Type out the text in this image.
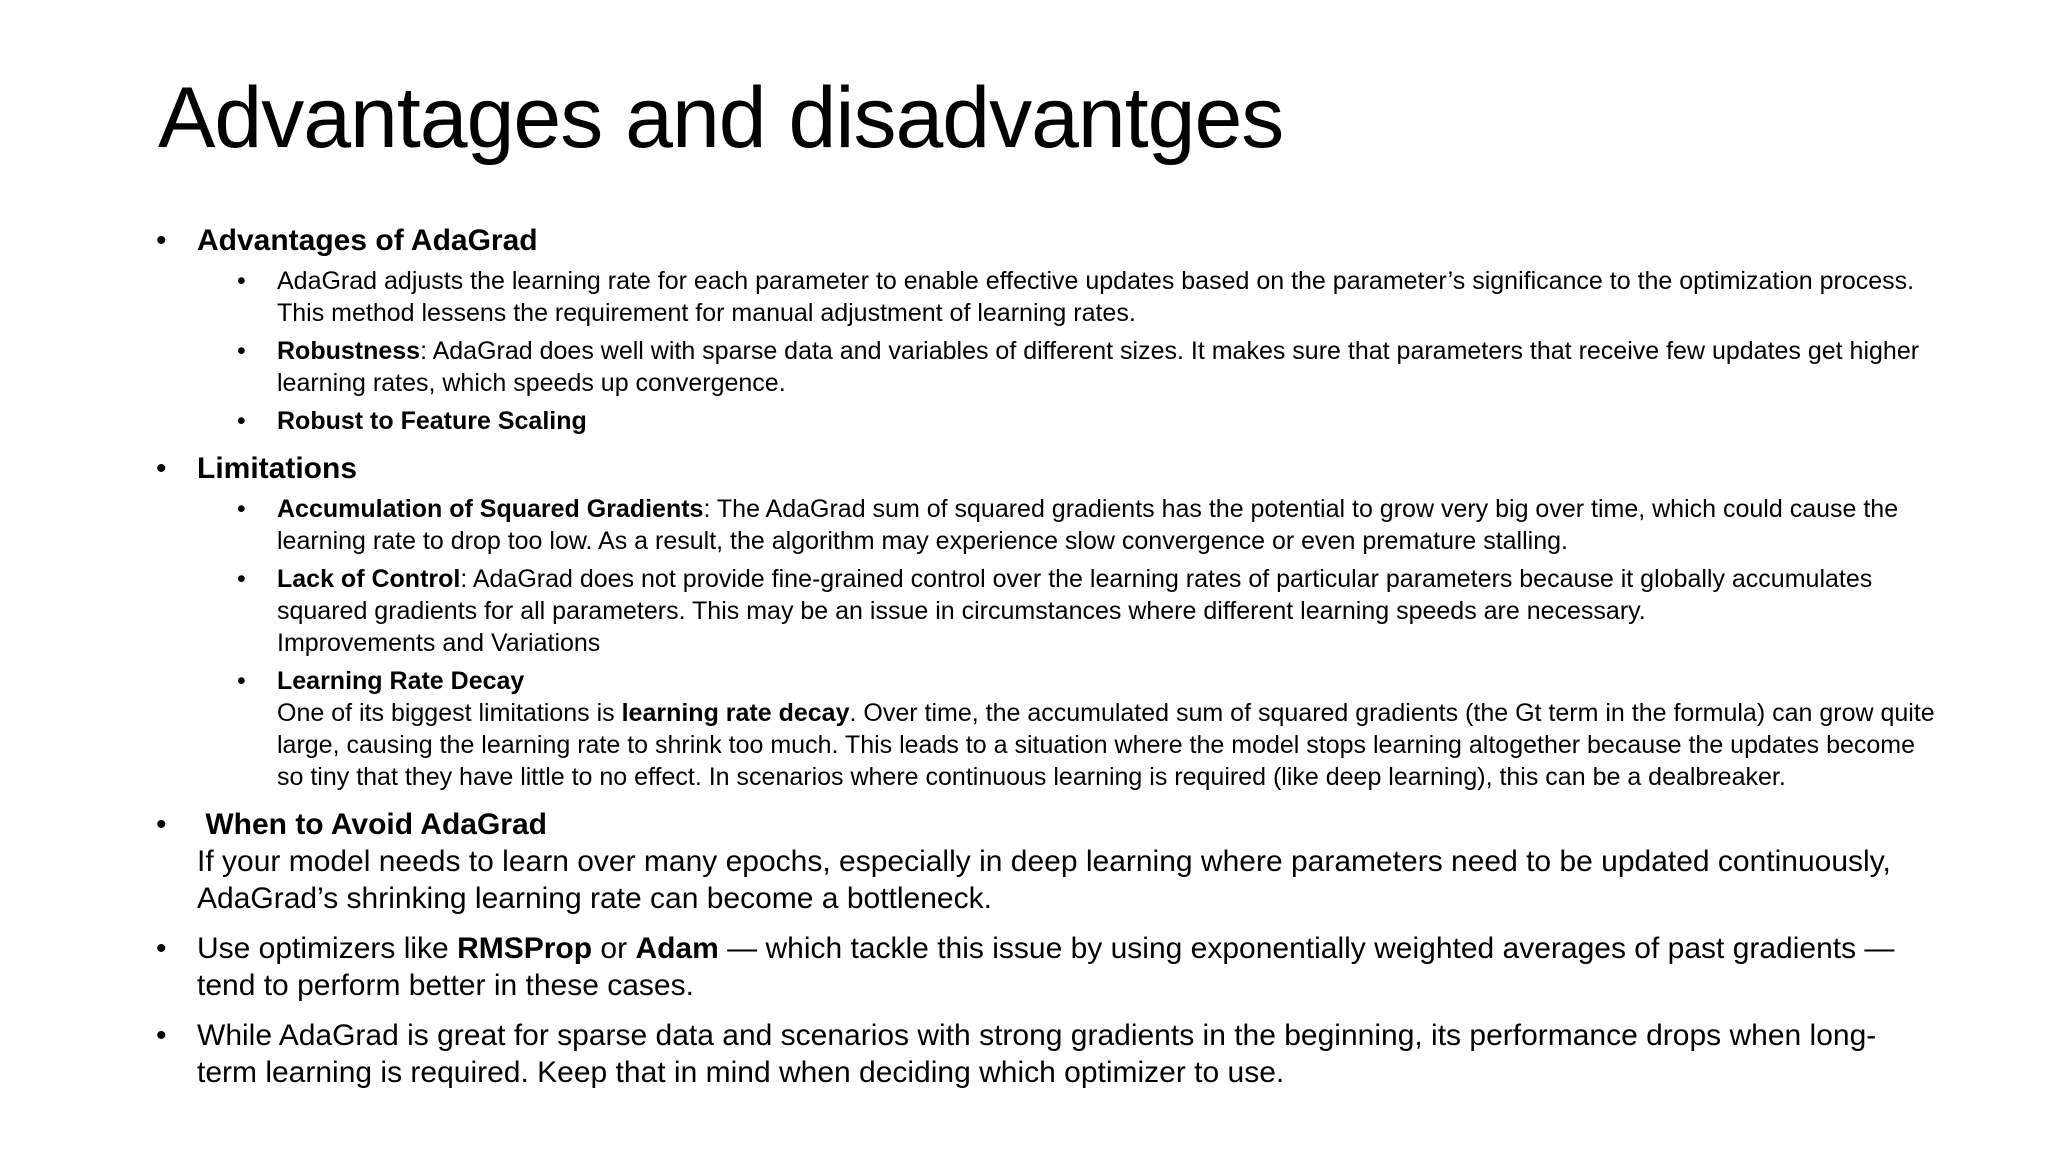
Advantages and disadvantges
• Advantages of AdaGrad
• AdaGrad adjusts the learning rate for each parameter to enable effective updates based on the parameter’s significance to the optimization process. This method lessens the requirement for manual adjustment of learning rates.
• Robustness: AdaGrad does well with sparse data and variables of different sizes. It makes sure that parameters that receive few updates get higher learning rates, which speeds up convergence.
• Robust to Feature Scaling
• Limitations
• Accumulation of Squared Gradients: The AdaGrad sum of squared gradients has the potential to grow very big over time, which could cause the learning rate to drop too low. As a result, the algorithm may experience slow convergence or even premature stalling.
• Lack of Control: AdaGrad does not provide fine-grained control over the learning rates of particular parameters because it globally accumulates squared gradients for all parameters. This may be an issue in circumstances where different learning speeds are necessary.
Improvements and Variations
• Learning Rate Decay
One of its biggest limitations is learning rate decay. Over time, the accumulated sum of squared gradients (the Gt term in the formula) can grow quite large, causing the learning rate to shrink too much. This leads to a situation where the model stops learning altogether because the updates become so tiny that they have little to no effect. In scenarios where continuous learning is required (like deep learning), this can be a dealbreaker.
• When to Avoid AdaGrad
If your model needs to learn over many epochs, especially in deep learning where parameters need to be updated continuously, AdaGrad’s shrinking learning rate can become a bottleneck.
• Use optimizers like RMSProp or Adam — which tackle this issue by using exponentially weighted averages of past gradients — tend to perform better in these cases.
• While AdaGrad is great for sparse data and scenarios with strong gradients in the beginning, its performance drops when long-term learning is required. Keep that in mind when deciding which optimizer to use.
